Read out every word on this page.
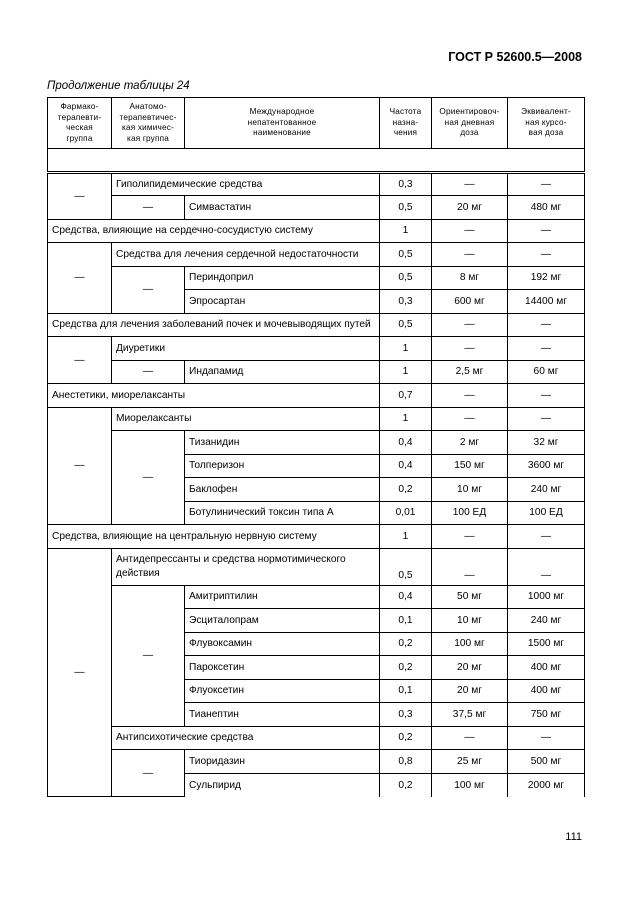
ГОСТ Р 52600.5—2008
Продолжение таблицы 24
Фармако-
терапевти-
ческая
группа	Анатомо-
терапевтичес-
кая химичес-
кая группа	Международное
непатентованное
наименование	Частота
назна-
чения	Ориентировоч-
ная дневная
доза	Эквивалент-
ная курсо-
вая доза

—	Гиполипидемические средства		0,3	—	—
	—	Симвастатин	0,5	20 мг	480 мг
Средства, влияющие на сердечно-сосудистую систему			1	—	—
—	Средства для лечения сердечной недостаточности		0,5	—	—
	—	Периндоприл	0,5	8 мг	192 мг
		Эпросартан	0,3	600 мг	14400 мг
Средства для лечения заболеваний почек и мочевыводящих путей			0,5	—	—
—	Диуретики		1	—	—
	—	Индапамид	1	2,5 мг	60 мг
Анестетики, миорелаксанты			0,7	—	—
—	Миорелаксанты		1	—	—
	—	Тизанидин	0,4	2 мг	32 мг
		Толперизон	0,4	150 мг	3600 мг
		Баклофен	0,2	10 мг	240 мг
		Ботулинический токсин типа А	0,01	100 ЕД	100 ЕД
Средства, влияющие на центральную нервную систему			1	—	—
—	Антидепрессанты и средства нормотимического действия		0,5	—	—
	—	Амитриптилин	0,4	50 мг	1000 мг
		Эсциталопрам	0,1	10 мг	240 мг
		Флувоксамин	0,2	100 мг	1500 мг
		Пароксетин	0,2	20 мг	400 мг
		Флуоксетин	0,1	20 мг	400 мг
		Тианептин	0,3	37,5 мг	750 мг
	Антипсихотические средства		0,2	—	—
	—	Тиоридазин	0,8	25 мг	500 мг
		Сульпирид	0,2	100 мг	2000 мг
111
